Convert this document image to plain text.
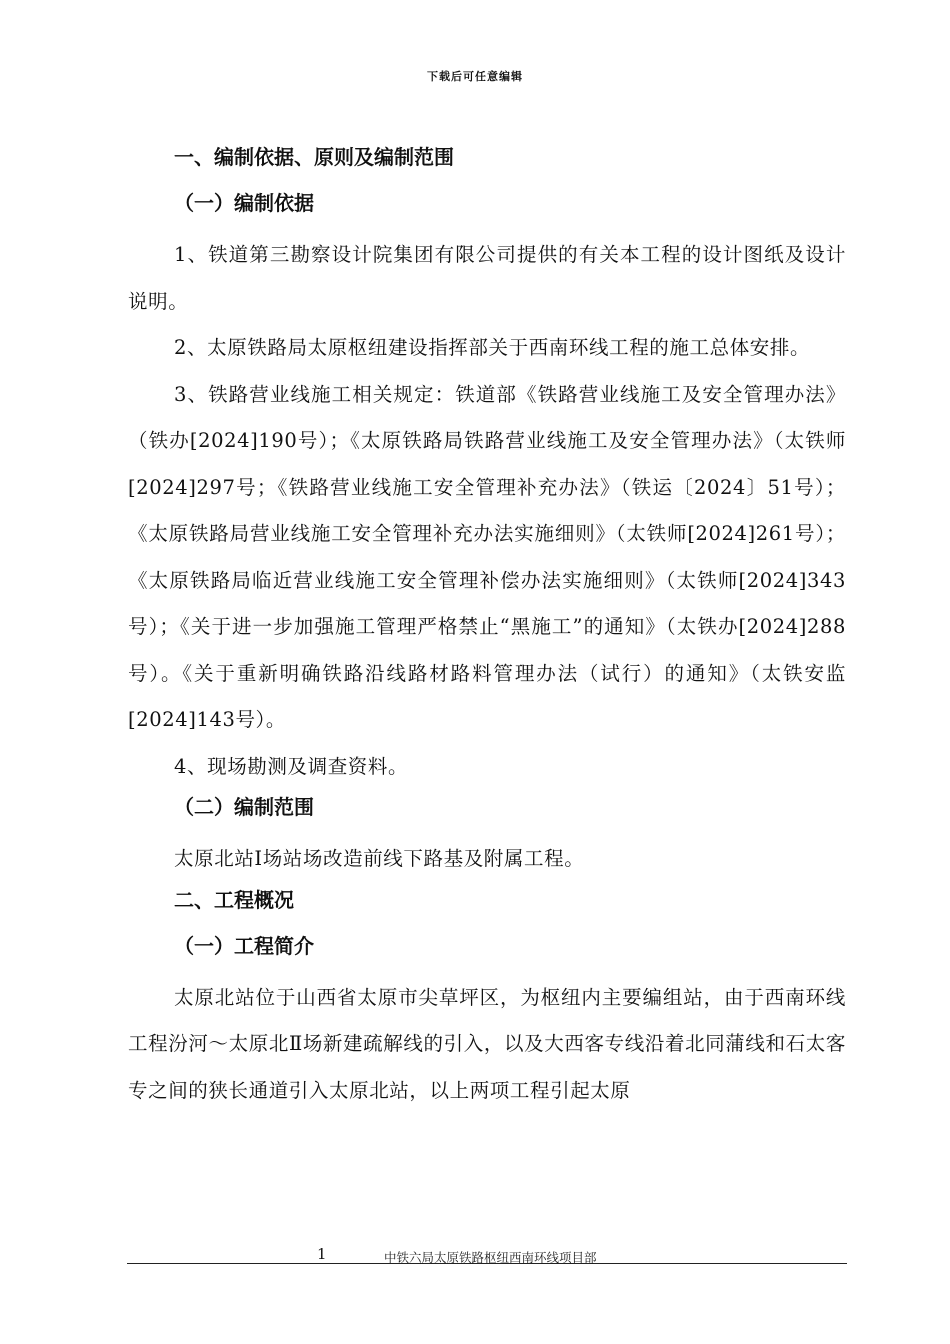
下载后可任意编辑
一、编制依据、原则及编制范围
（一）编制依据

1、铁道第三勘察设计院集团有限公司提供的有关本工程的设计图纸及设计说明。

2、太原铁路局太原枢纽建设指挥部关于西南环线工程的施工总体安排。

3、铁路营业线施工相关规定：铁道部《铁路营业线施工及安全管理办法》（铁办[2024]190号）；《太原铁路局铁路营业线施工及安全管理办法》（太铁师[2024]297号；《铁路营业线施工安全管理补充办法》（铁运〔2024〕51号）；《太原铁路局营业线施工安全管理补充办法实施细则》（太铁师[2024]261号）；《太原铁路局临近营业线施工安全管理补偿办法实施细则》（太铁师[2024]343号）；《关于进一步加强施工管理严格禁止“黑施工”的通知》（太铁办[2024]288号）。《关于重新明确铁路沿线路材路料管理办法（试行）的通知》（太铁安监[2024]143号）。

4、现场勘测及调查资料。

（二）编制范围

太原北站Ⅰ场站场改造前线下路基及附属工程。

二、工程概况
（一）工程简介

太原北站位于山西省太原市尖草坪区，为枢纽内主要编组站，由于西南环线工程汾河～太原北Ⅱ场新建疏解线的引入，以及大西客专线沿着北同蒲线和石太客专之间的狭长通道引入太原北站，以上两项工程引起太原

1	中铁六局太原铁路枢纽西南环线项目部
